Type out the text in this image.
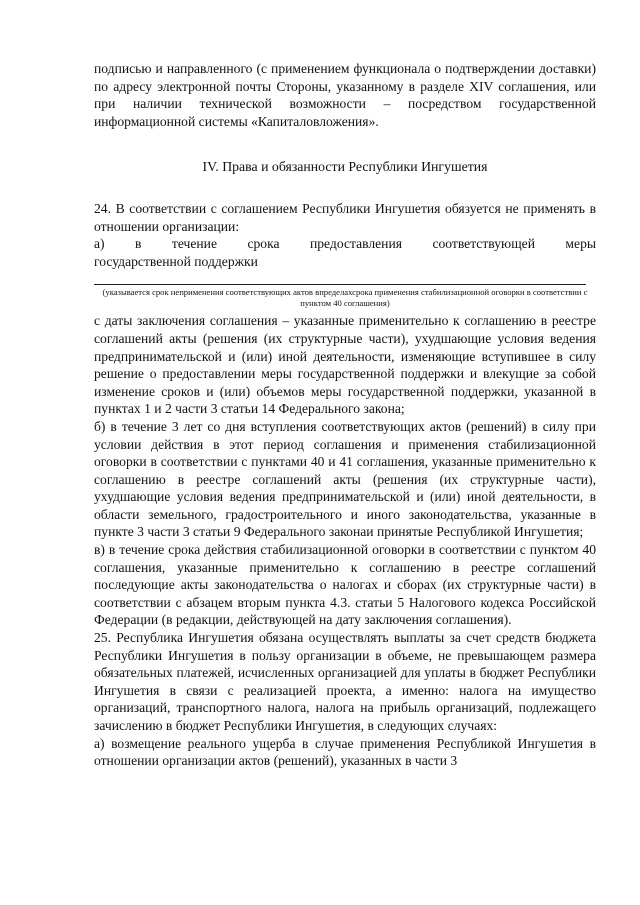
подписью и направленного (с применением функционала о подтверждении доставки) по адресу электронной почты Стороны, указанному в разделе XIV соглашения, или при наличии технической возможности – посредством государственной информационной системы «Капиталовложения».

IV. Права и обязанности Республики Ингушетия

24. В соответствии с соглашением Республики Ингушетия обязуется не применять в отношении организации:

а) в течение срока предоставления соответствующей меры

государственной поддержки

(указывается срок неприменения соответствующих актов впределахсрока применения стабилизационной оговорки в соответствии с пунктом 40 соглашения)

с даты заключения соглашения – указанные применительно к соглашению в реестре соглашений акты (решения (их структурные части), ухудшающие условия ведения предпринимательской и (или) иной деятельности, изменяющие вступившее в силу решение о предоставлении меры государственной поддержки и влекущие за собой изменение сроков и (или) объемов меры государственной поддержки, указанной в пунктах 1 и 2 части 3 статьи 14 Федерального закона;

б) в течение 3 лет со дня вступления соответствующих актов (решений) в силу при условии действия в этот период соглашения и применения стабилизационной оговорки в соответствии с пунктами 40 и 41 соглашения, указанные применительно к соглашению в реестре соглашений акты (решения (их структурные части), ухудшающие условия ведения предпринимательской и (или) иной деятельности, в области земельного, градостроительного и иного законодательства, указанные в пункте 3 части 3 статьи 9 Федерального законаи принятые Республикой Ингушетия;

в) в течение срока действия стабилизационной оговорки в соответствии с пунктом 40 соглашения, указанные применительно к соглашению в реестре соглашений последующие акты законодательства о налогах и сборах (их структурные части) в соответствии с абзацем вторым пункта 4.3. статьи 5 Налогового кодекса Российской Федерации (в редакции, действующей на дату заключения соглашения).

25. Республика Ингушетия обязана осуществлять выплаты за счет средств бюджета Республики Ингушетия в пользу организации в объеме, не превышающем размера обязательных платежей, исчисленных организацией для уплаты в бюджет Республики Ингушетия в связи с реализацией проекта, а именно: налога на имущество организаций, транспортного налога, налога на прибыль организаций, подлежащего зачислению в бюджет Республики Ингушетия, в следующих случаях:

а) возмещение реального ущерба в случае применения Республикой Ингушетия в отношении организации актов (решений), указанных в части 3
